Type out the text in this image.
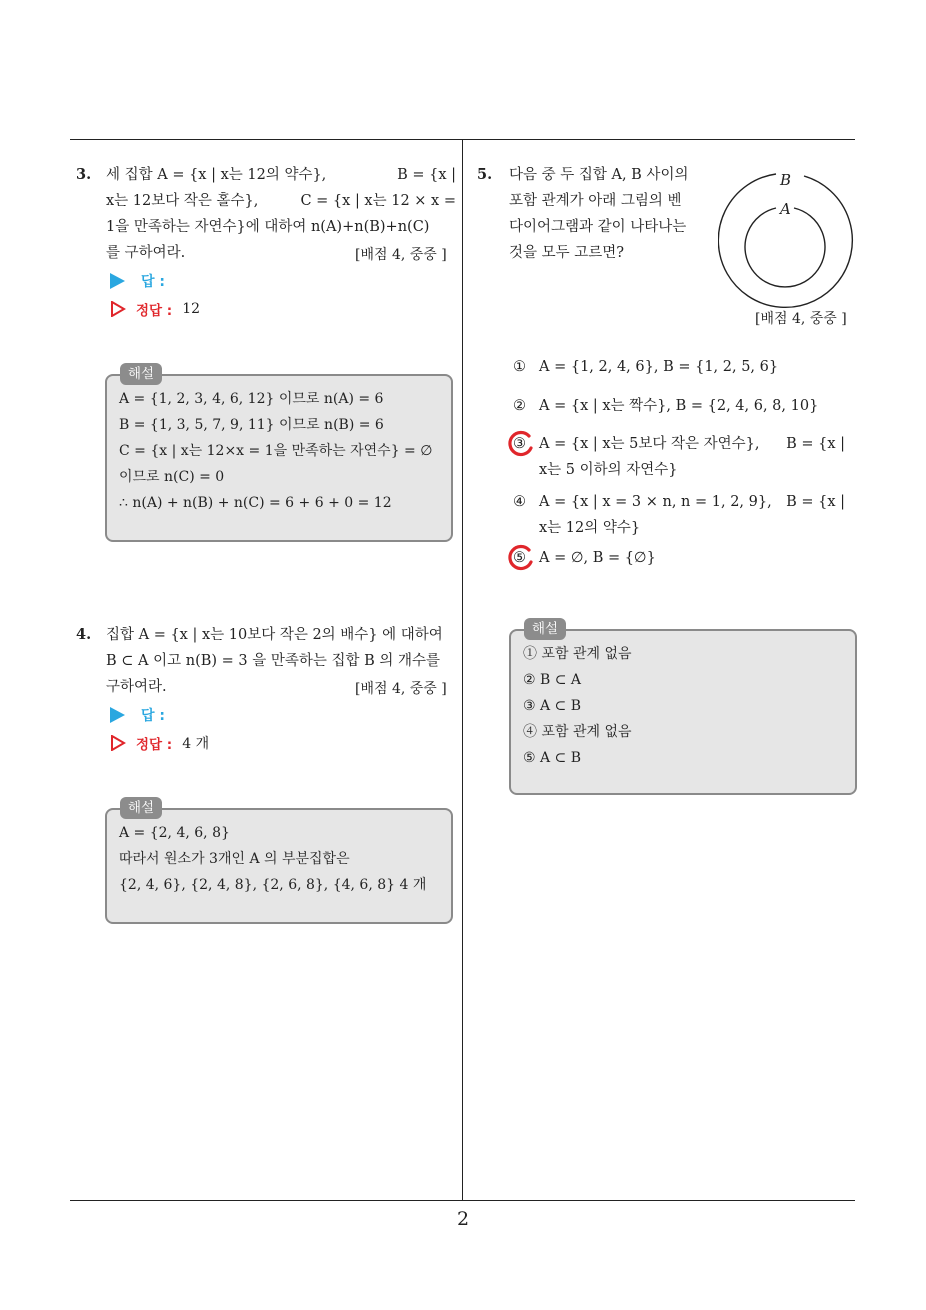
2
3. 세 집합 A = {x | x는 12의 약수},	B = {x |
x는 12보다 작은 홀수},	C = {x | x는 12 × x =
1을 만족하는 자연수}에 대하여 n(A)+n(B)+n(C)
를 구하여라.	[배점 4, 중중 ]
답 :
정답 : 12
A = {1, 2, 3, 4, 6, 12} 이므로 n(A) = 6
B = {1, 3, 5, 7, 9, 11} 이므로 n(B) = 6
C = {x | x는 12×x = 1을 만족하는 자연수} = ∅
이므로 n(C) = 0
∴ n(A) + n(B) + n(C) = 6 + 6 + 0 = 12
해설
4. 집합 A = {x | x는 10보다 작은 2의 배수} 에 대하여
B ⊂ A 이고 n(B) = 3 을 만족하는 집합 B 의 개수를
구하여라.	[배점 4, 중중 ]
답 :
정답 : 4 개
A = {2, 4, 6, 8}
따라서 원소가 3개인 A 의 부분집합은
{2, 4, 6}, {2, 4, 8}, {2, 6, 8}, {4, 6, 8} 4 개
해설
5. 다음 중 두 집합 A, B 사이의
포함 관계가 아래 그림의 벤
다이어그램과 같이 나타나는
것을 모두 고르면?
[배점 4, 중중 ]
B
A
① A = {1, 2, 4, 6}, B = {1, 2, 5, 6}
② A = {x | x는 짝수}, B = {2, 4, 6, 8, 10}
③ A = {x | x는 5보다 작은 자연수}, B = {x |
x는 5 이하의 자연수}
④ A = {x | x = 3 × n, n = 1, 2, 9}, B = {x |
x는 12의 약수}
⑤ A = ∅, B = {∅}
① 포함 관계 없음
② B ⊂ A
③ A ⊂ B
④ 포함 관계 없음
⑤ A ⊂ B
해설
